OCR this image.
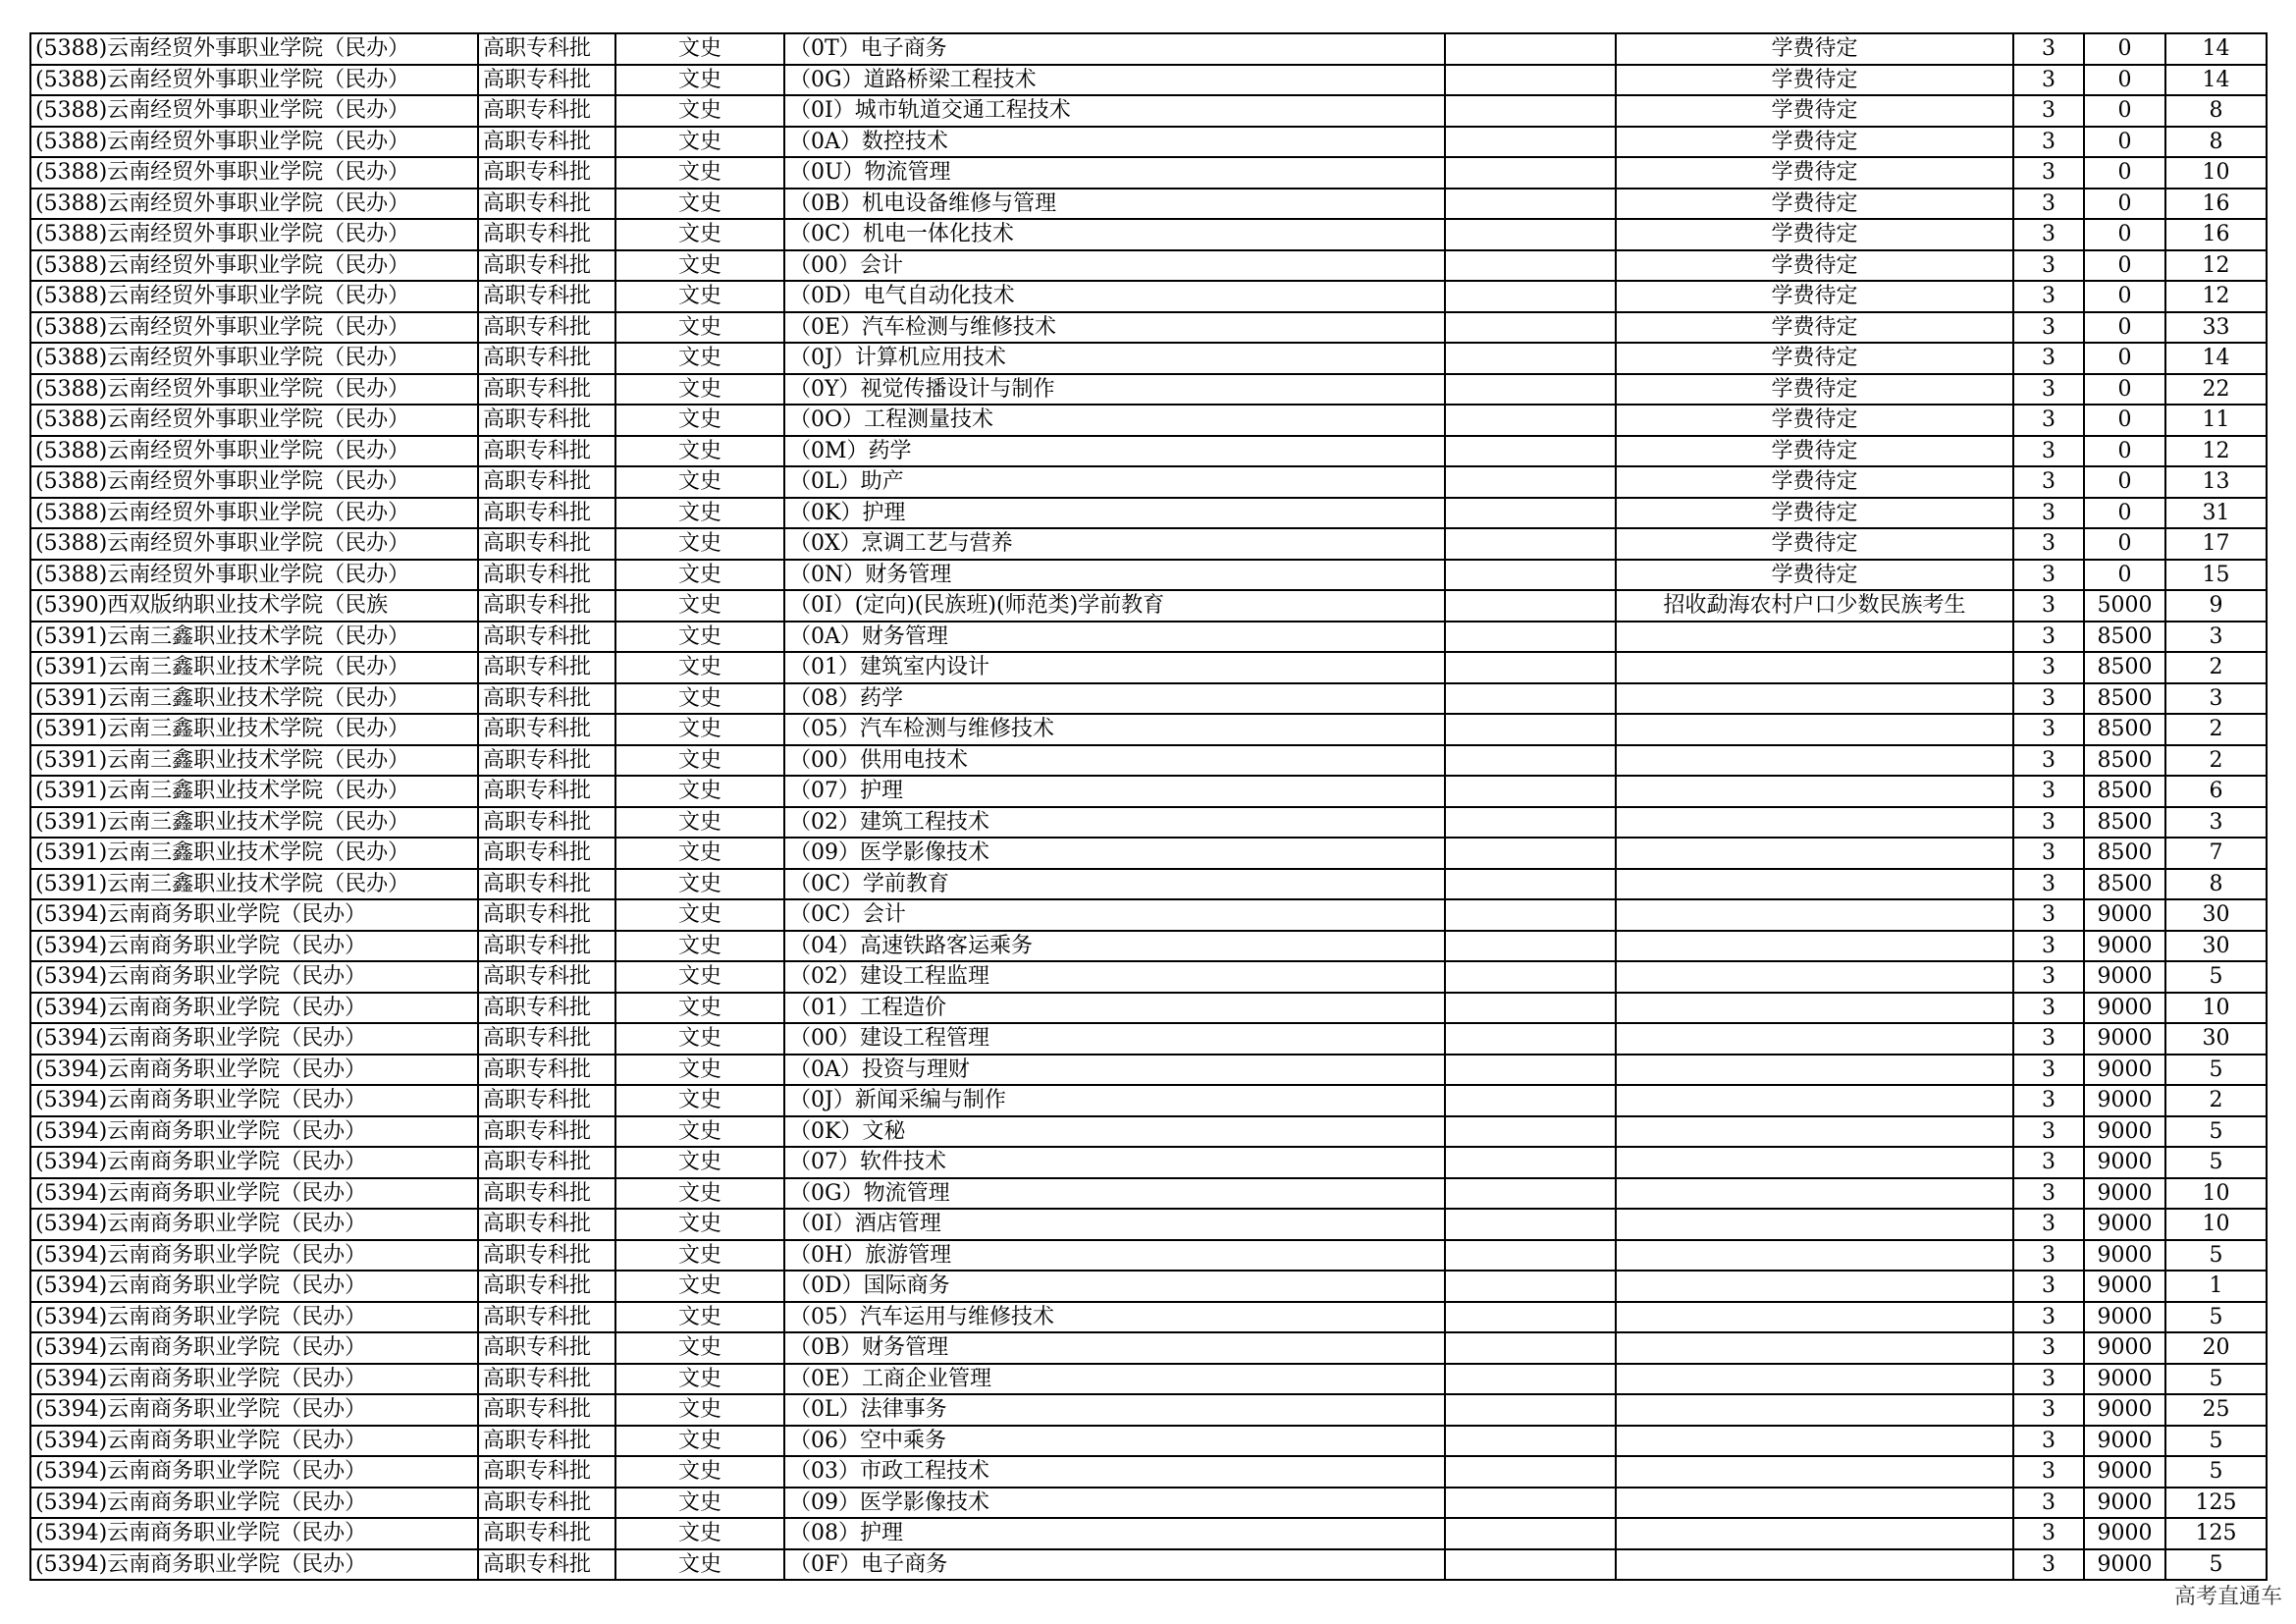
(5388)云南经贸外事职业学院（民办）	高职专科批	文史	（0T）电子商务		学费待定	3	0	14
(5388)云南经贸外事职业学院（民办）	高职专科批	文史	（0G）道路桥梁工程技术		学费待定	3	0	14
(5388)云南经贸外事职业学院（民办）	高职专科批	文史	（0I）城市轨道交通工程技术		学费待定	3	0	8
(5388)云南经贸外事职业学院（民办）	高职专科批	文史	（0A）数控技术		学费待定	3	0	8
(5388)云南经贸外事职业学院（民办）	高职专科批	文史	（0U）物流管理		学费待定	3	0	10
(5388)云南经贸外事职业学院（民办）	高职专科批	文史	（0B）机电设备维修与管理		学费待定	3	0	16
(5388)云南经贸外事职业学院（民办）	高职专科批	文史	（0C）机电一体化技术		学费待定	3	0	16
(5388)云南经贸外事职业学院（民办）	高职专科批	文史	（00）会计		学费待定	3	0	12
(5388)云南经贸外事职业学院（民办）	高职专科批	文史	（0D）电气自动化技术		学费待定	3	0	12
(5388)云南经贸外事职业学院（民办）	高职专科批	文史	（0E）汽车检测与维修技术		学费待定	3	0	33
(5388)云南经贸外事职业学院（民办）	高职专科批	文史	（0J）计算机应用技术		学费待定	3	0	14
(5388)云南经贸外事职业学院（民办）	高职专科批	文史	（0Y）视觉传播设计与制作		学费待定	3	0	22
(5388)云南经贸外事职业学院（民办）	高职专科批	文史	（0O）工程测量技术		学费待定	3	0	11
(5388)云南经贸外事职业学院（民办）	高职专科批	文史	（0M）药学		学费待定	3	0	12
(5388)云南经贸外事职业学院（民办）	高职专科批	文史	（0L）助产		学费待定	3	0	13
(5388)云南经贸外事职业学院（民办）	高职专科批	文史	（0K）护理		学费待定	3	0	31
(5388)云南经贸外事职业学院（民办）	高职专科批	文史	（0X）烹调工艺与营养		学费待定	3	0	17
(5388)云南经贸外事职业学院（民办）	高职专科批	文史	（0N）财务管理		学费待定	3	0	15
(5390)西双版纳职业技术学院（民族	高职专科批	文史	（0I）(定向)(民族班)(师范类)学前教育		招收勐海农村户口少数民族考生	3	5000	9
(5391)云南三鑫职业技术学院（民办）	高职专科批	文史	（0A）财务管理			3	8500	3
(5391)云南三鑫职业技术学院（民办）	高职专科批	文史	（01）建筑室内设计			3	8500	2
(5391)云南三鑫职业技术学院（民办）	高职专科批	文史	（08）药学			3	8500	3
(5391)云南三鑫职业技术学院（民办）	高职专科批	文史	（05）汽车检测与维修技术			3	8500	2
(5391)云南三鑫职业技术学院（民办）	高职专科批	文史	（00）供用电技术			3	8500	2
(5391)云南三鑫职业技术学院（民办）	高职专科批	文史	（07）护理			3	8500	6
(5391)云南三鑫职业技术学院（民办）	高职专科批	文史	（02）建筑工程技术			3	8500	3
(5391)云南三鑫职业技术学院（民办）	高职专科批	文史	（09）医学影像技术			3	8500	7
(5391)云南三鑫职业技术学院（民办）	高职专科批	文史	（0C）学前教育			3	8500	8
(5394)云南商务职业学院（民办）	高职专科批	文史	（0C）会计			3	9000	30
(5394)云南商务职业学院（民办）	高职专科批	文史	（04）高速铁路客运乘务			3	9000	30
(5394)云南商务职业学院（民办）	高职专科批	文史	（02）建设工程监理			3	9000	5
(5394)云南商务职业学院（民办）	高职专科批	文史	（01）工程造价			3	9000	10
(5394)云南商务职业学院（民办）	高职专科批	文史	（00）建设工程管理			3	9000	30
(5394)云南商务职业学院（民办）	高职专科批	文史	（0A）投资与理财			3	9000	5
(5394)云南商务职业学院（民办）	高职专科批	文史	（0J）新闻采编与制作			3	9000	2
(5394)云南商务职业学院（民办）	高职专科批	文史	（0K）文秘			3	9000	5
(5394)云南商务职业学院（民办）	高职专科批	文史	（07）软件技术			3	9000	5
(5394)云南商务职业学院（民办）	高职专科批	文史	（0G）物流管理			3	9000	10
(5394)云南商务职业学院（民办）	高职专科批	文史	（0I）酒店管理			3	9000	10
(5394)云南商务职业学院（民办）	高职专科批	文史	（0H）旅游管理			3	9000	5
(5394)云南商务职业学院（民办）	高职专科批	文史	（0D）国际商务			3	9000	1
(5394)云南商务职业学院（民办）	高职专科批	文史	（05）汽车运用与维修技术			3	9000	5
(5394)云南商务职业学院（民办）	高职专科批	文史	（0B）财务管理			3	9000	20
(5394)云南商务职业学院（民办）	高职专科批	文史	（0E）工商企业管理			3	9000	5
(5394)云南商务职业学院（民办）	高职专科批	文史	（0L）法律事务			3	9000	25
(5394)云南商务职业学院（民办）	高职专科批	文史	（06）空中乘务			3	9000	5
(5394)云南商务职业学院（民办）	高职专科批	文史	（03）市政工程技术			3	9000	5
(5394)云南商务职业学院（民办）	高职专科批	文史	（09）医学影像技术			3	9000	125
(5394)云南商务职业学院（民办）	高职专科批	文史	（08）护理			3	9000	125
(5394)云南商务职业学院（民办）	高职专科批	文史	（0F）电子商务			3	9000	5
高考直通车
